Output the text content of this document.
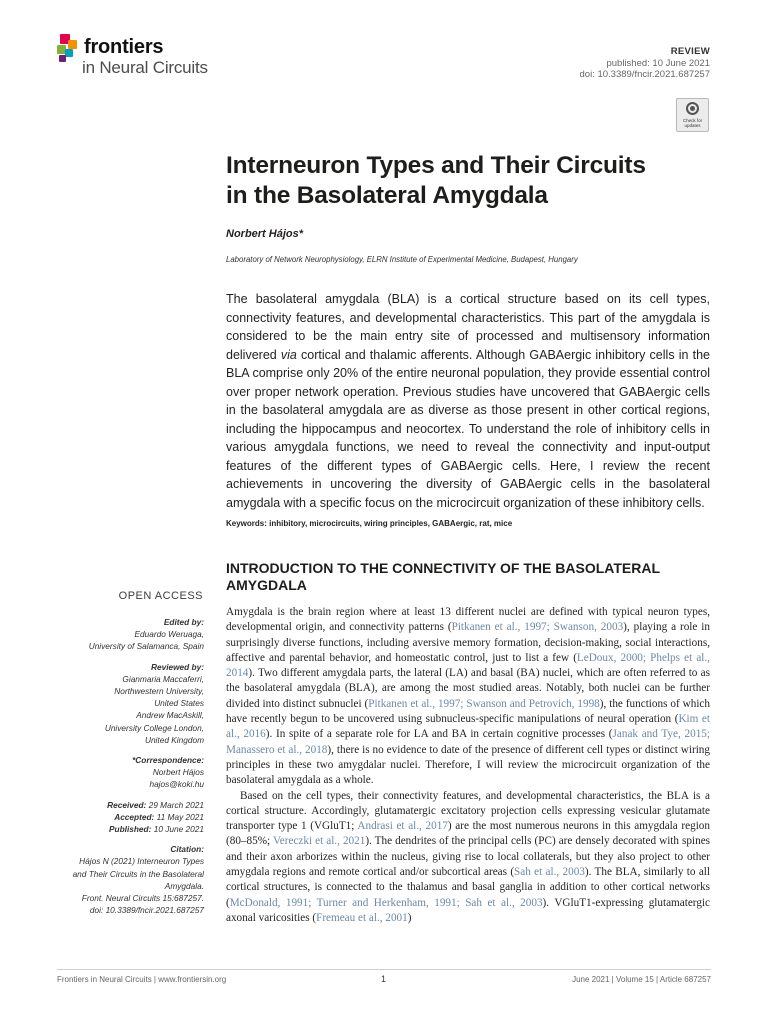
frontiers
in Neural Circuits
REVIEW
published: 10 June 2021
doi: 10.3389/fncir.2021.687257
Check for
updates
Interneuron Types and Their Circuits
in the Basolateral Amygdala
Norbert Hájos*
Laboratory of Network Neurophysiology, ELRN Institute of Experimental Medicine, Budapest, Hungary
The basolateral amygdala (BLA) is a cortical structure based on its cell types, connectivity features, and developmental characteristics. This part of the amygdala is considered to be the main entry site of processed and multisensory information delivered via cortical and thalamic afferents. Although GABAergic inhibitory cells in the BLA comprise only 20% of the entire neuronal population, they provide essential control over proper network operation. Previous studies have uncovered that GABAergic cells in the basolateral amygdala are as diverse as those present in other cortical regions, including the hippocampus and neocortex. To understand the role of inhibitory cells in various amygdala functions, we need to reveal the connectivity and input-output features of the different types of GABAergic cells. Here, I review the recent achievements in uncovering the diversity of GABAergic cells in the basolateral amygdala with a specific focus on the microcircuit organization of these inhibitory cells.
Keywords: inhibitory, microcircuits, wiring principles, GABAergic, rat, mice
INTRODUCTION TO THE CONNECTIVITY OF THE BASOLATERAL AMYGDALA

Amygdala is the brain region where at least 13 different nuclei are defined with typical neuron types, developmental origin, and connectivity patterns (Pitkanen et al., 1997; Swanson, 2003), playing a role in surprisingly diverse functions, including aversive memory formation, decision-making, social interactions, affective and parental behavior, and homeostatic control, just to list a few (LeDoux, 2000; Phelps et al., 2014). Two different amygdala parts, the lateral (LA) and basal (BA) nuclei, which are often referred to as the basolateral amygdala (BLA), are among the most studied areas. Notably, both nuclei can be further divided into distinct subnuclei (Pitkanen et al., 1997; Swanson and Petrovich, 1998), the functions of which have recently begun to be uncovered using subnucleus-specific manipulations of neural operation (Kim et al., 2016). In spite of a separate role for LA and BA in certain cognitive processes (Janak and Tye, 2015; Manassero et al., 2018), there is no evidence to date of the presence of different cell types or distinct wiring principles in these two amygdalar nuclei. Therefore, I will review the microcircuit organization of the basolateral amygdala as a whole.

Based on the cell types, their connectivity features, and developmental characteristics, the BLA is a cortical structure. Accordingly, glutamatergic excitatory projection cells expressing vesicular glutamate transporter type 1 (VGluT1; Andrasi et al., 2017) are the most numerous neurons in this amygdala region (80–85%; Vereczki et al., 2021). The dendrites of the principal cells (PC) are densely decorated with spines and their axon arborizes within the nucleus, giving rise to local collaterals, but they also project to other amygdala regions and remote cortical and/or subcortical areas (Sah et al., 2003). The BLA, similarly to all cortical structures, is connected to the thalamus and basal ganglia in addition to other cortical networks (McDonald, 1991; Turner and Herkenham, 1991; Sah et al., 2003). VGluT1-expressing glutamatergic axonal varicosities (Fremeau et al., 2001)

OPEN ACCESS
Edited by:
Eduardo Weruaga,
University of Salamanca, Spain
Reviewed by:
Gianmaria Maccaferri,
Northwestern University,
United States
Andrew MacAskill,
University College London,
United Kingdom
*Correspondence:
Norbert Hájos
hajos@koki.hu
Received: 29 March 2021
Accepted: 11 May 2021
Published: 10 June 2021
Citation:
Hájos N (2021) Interneuron Types
and Their Circuits in the Basolateral
Amygdala.
Front. Neural Circuits 15:687257.
doi: 10.3389/fncir.2021.687257
Frontiers in Neural Circuits | www.frontiersin.org	1	June 2021 | Volume 15 | Article 687257
